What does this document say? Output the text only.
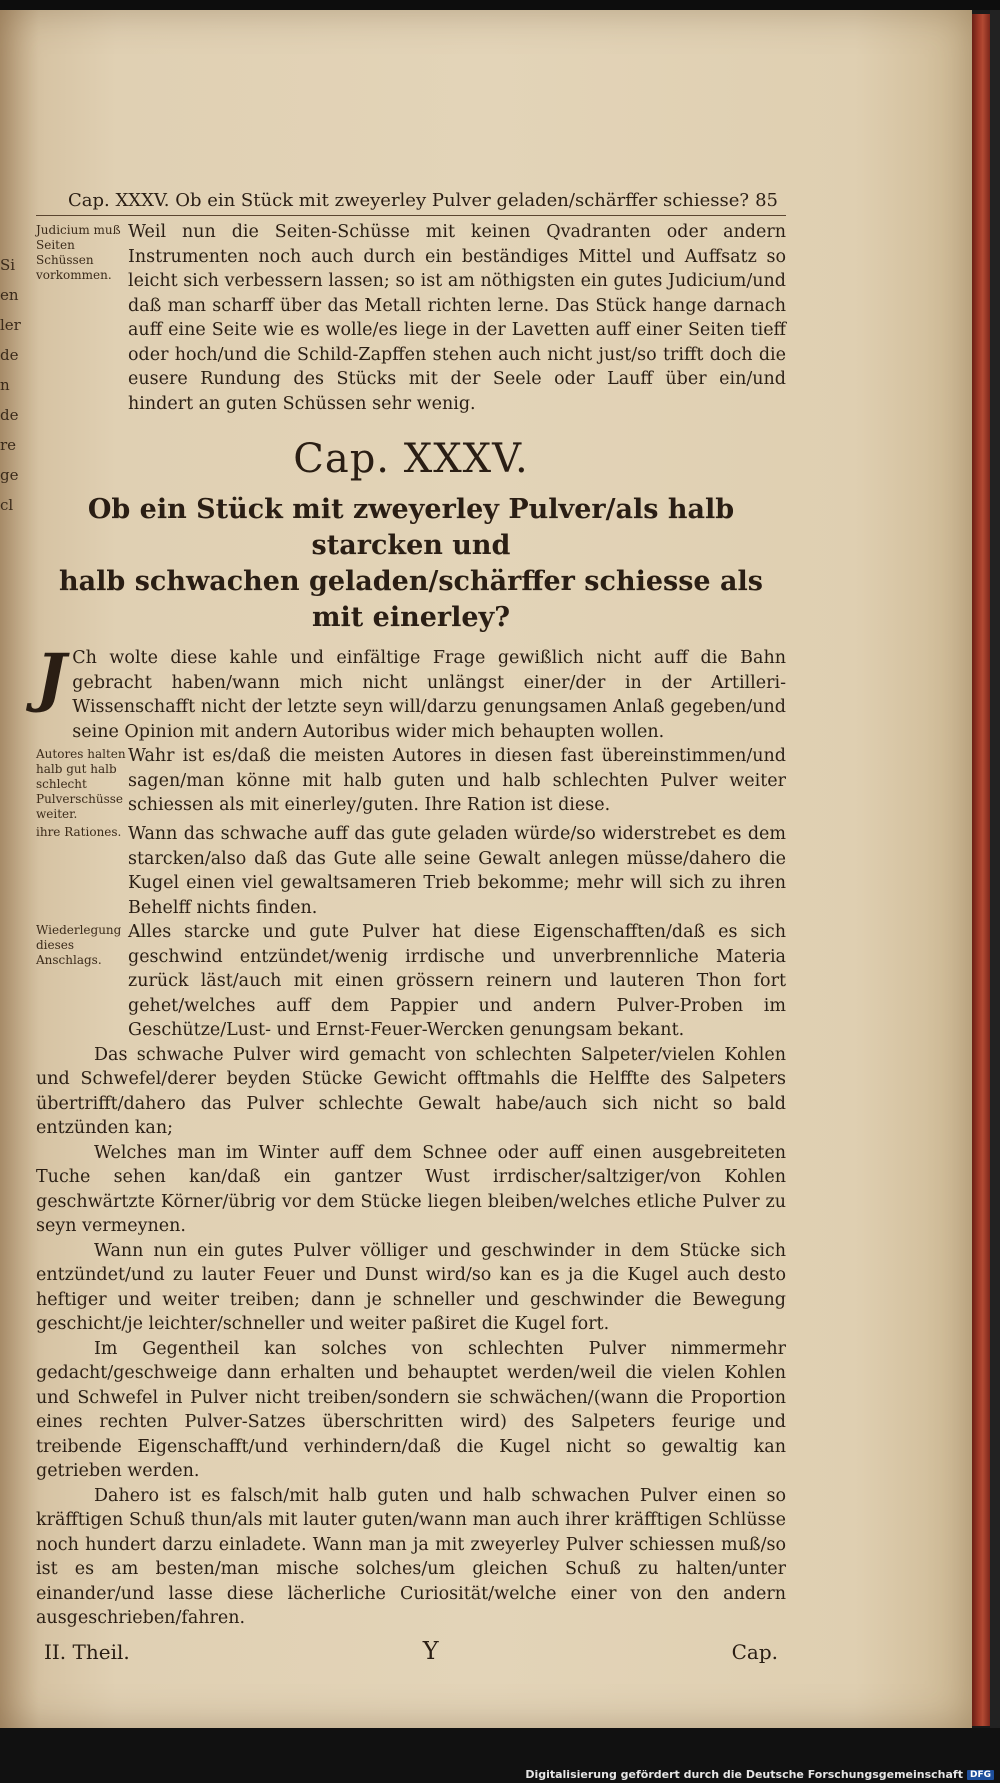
Si
en
ler
de
n
de
re
ge
cl
Cap. XXXV. Ob ein Stück mit zweyerley Pulver geladen/schärffer schiesse? 85
Judicium muß Seiten Schüssen vorkommen.

Weil nun die Seiten-Schüsse mit keinen Qvadranten oder andern Instrumenten noch auch durch ein beständiges Mittel und Auffsatz so leicht sich verbessern lassen; so ist am nöthigsten ein gutes Judicium/und daß man scharff über das Metall richten lerne. Das Stück hange darnach auff eine Seite wie es wolle/es liege in der Lavetten auff einer Seiten tieff oder hoch/und die Schild-Zapffen stehen auch nicht just/so trifft doch die eusere Rundung des Stücks mit der Seele oder Lauff über ein/und hindert an guten Schüssen sehr wenig.

Cap. XXXV.
Ob ein Stück mit zweyerley Pulver/als halb starcken und
halb schwachen geladen/schärffer schiesse als mit einerley?
J Ch wolte diese kahle und einfältige Frage gewißlich nicht auff die Bahn gebracht haben/wann mich nicht unlängst einer/der in der Artilleri-Wissenschafft nicht der letzte seyn will/darzu genungsamen Anlaß gegeben/und seine Opinion mit andern Autoribus wider mich behaupten wollen.

Autores halten halb gut halb schlecht Pulverschüsse weiter.

Wahr ist es/daß die meisten Autores in diesen fast übereinstimmen/und sagen/man könne mit halb guten und halb schlechten Pulver weiter schiessen als mit einerley/guten. Ihre Ration ist diese.

ihre Rationes. Wann das schwache auff das gute geladen würde/so widerstrebet es dem starcken/also daß das Gute alle seine Gewalt anlegen müsse/dahero die Kugel einen viel gewaltsameren Trieb bekomme; mehr will sich zu ihren Behelff nichts finden.

Wiederlegung dieses Anschlags.

Alles starcke und gute Pulver hat diese Eigenschafften/daß es sich geschwind entzündet/wenig irrdische und unverbrennliche Materia zurück läst/auch mit einen grössern reinern und lauteren Thon fort gehet/welches auff dem Pappier und andern Pulver-Proben im Geschütze/Lust- und Ernst-Feuer-Wercken genungsam bekant.

Das schwache Pulver wird gemacht von schlechten Salpeter/vielen Kohlen und Schwefel/derer beyden Stücke Gewicht offtmahls die Helffte des Salpeters übertrifft/dahero das Pulver schlechte Gewalt habe/auch sich nicht so bald entzünden kan;

Welches man im Winter auff dem Schnee oder auff einen ausgebreiteten Tuche sehen kan/daß ein gantzer Wust irrdischer/saltziger/von Kohlen geschwärtzte Körner/übrig vor dem Stücke liegen bleiben/welches etliche Pulver zu seyn vermeynen.

Wann nun ein gutes Pulver völliger und geschwinder in dem Stücke sich entzündet/und zu lauter Feuer und Dunst wird/so kan es ja die Kugel auch desto heftiger und weiter treiben; dann je schneller und geschwinder die Bewegung geschicht/je leichter/schneller und weiter paßiret die Kugel fort.

Im Gegentheil kan solches von schlechten Pulver nimmermehr gedacht/geschweige dann erhalten und behauptet werden/weil die vielen Kohlen und Schwefel in Pulver nicht treiben/sondern sie schwächen/(wann die Proportion eines rechten Pulver-Satzes überschritten wird) des Salpeters feurige und treibende Eigenschafft/und verhindern/daß die Kugel nicht so gewaltig kan getrieben werden.

Dahero ist es falsch/mit halb guten und halb schwachen Pulver einen so kräfftigen Schuß thun/als mit lauter guten/wann man auch ihrer kräfftigen Schlüsse noch hundert darzu einladete. Wann man ja mit zweyerley Pulver schiessen muß/so ist es am besten/man mische solches/um gleichen Schuß zu halten/unter einander/und lasse diese lächerliche Curiosität/welche einer von den andern ausgeschrieben/fahren.

II. Theil.	Y	Cap.
Digitalisierung gefördert durch die Deutsche Forschungsgemeinschaft DFG
